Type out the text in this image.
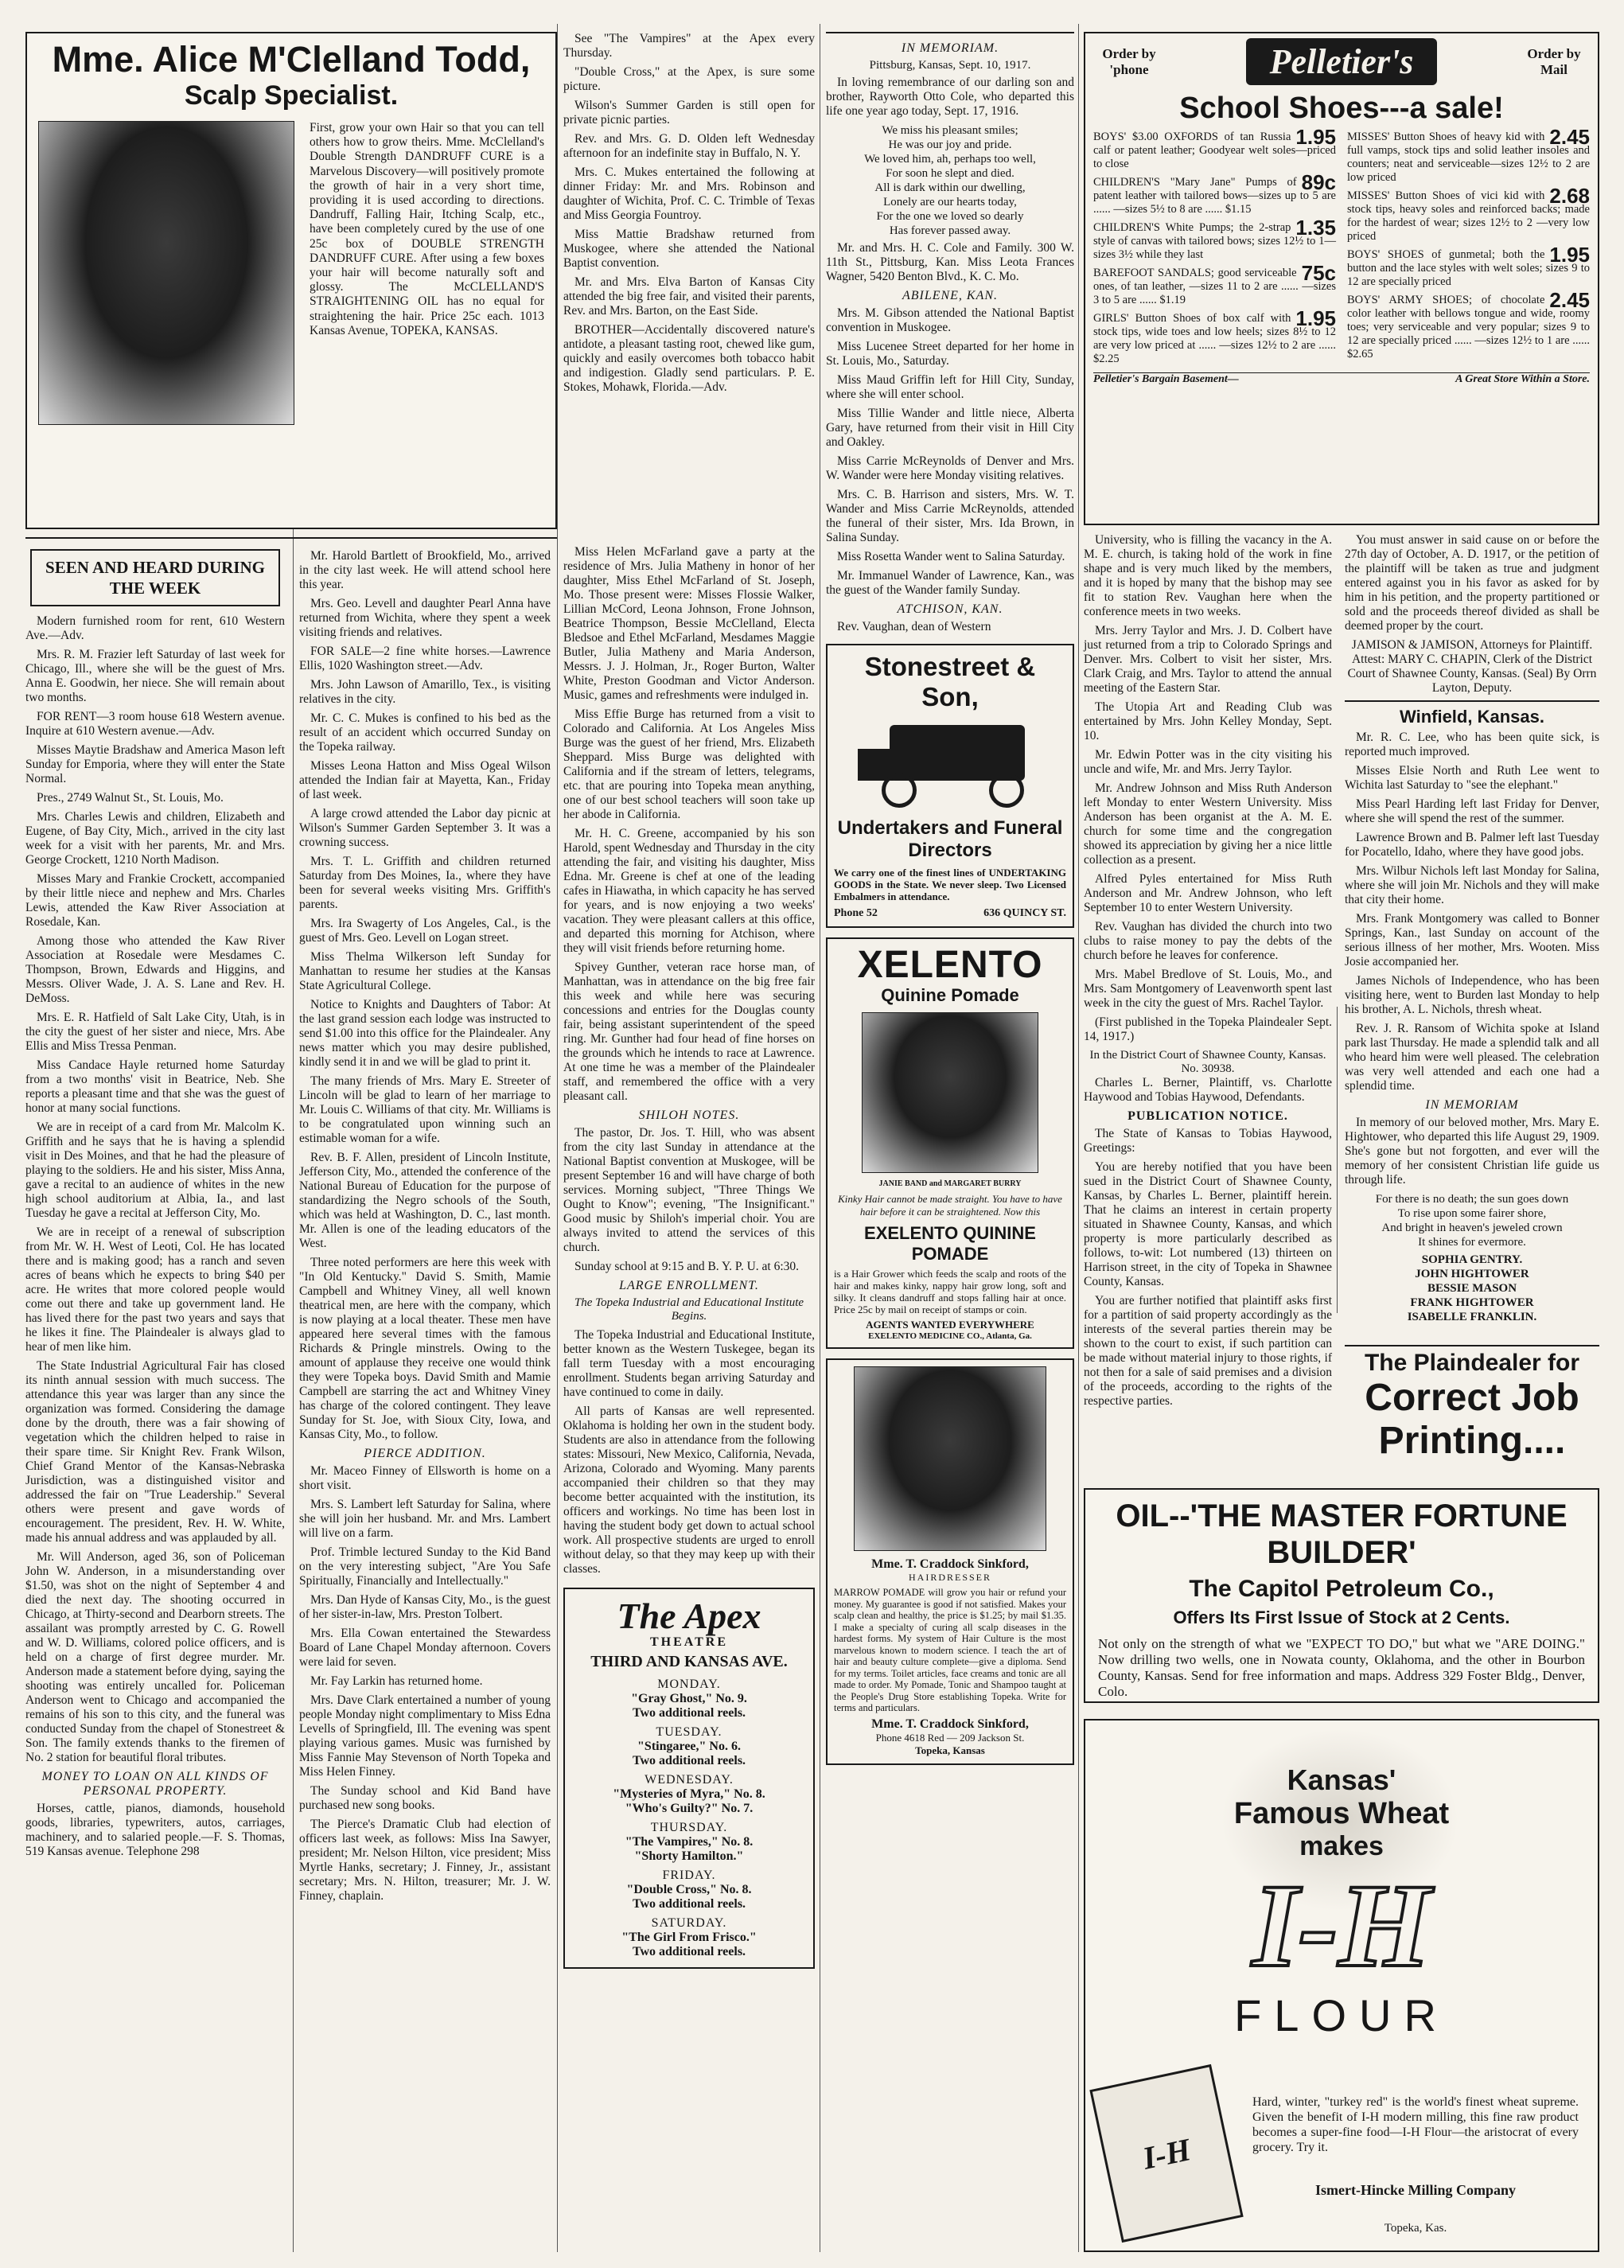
Mme. Alice M'Clelland Todd,
Scalp Specialist.
First, grow your own Hair so that you can tell others how to grow theirs. Mme. McClelland's Double Strength DANDRUFF CURE is a Marvelous Discovery—will positively promote the growth of hair in a very short time, providing it is used according to directions. Dandruff, Falling Hair, Itching Scalp, etc., have been completely cured by the use of one 25c box of DOUBLE STRENGTH DANDRUFF CURE. After using a few boxes your hair will become naturally soft and glossy. The McCLELLAND'S STRAIGHTENING OIL has no equal for straightening the hair. Price 25c each. 1013 Kansas Avenue, TOPEKA, KANSAS.
SEEN AND HEARD DURING THE WEEK

Modern furnished room for rent, 610 Western Ave.—Adv.

Mrs. R. M. Frazier left Saturday of last week for Chicago, Ill., where she will be the guest of Mrs. Anna E. Goodwin, her niece. She will remain about two months.

FOR RENT—3 room house 618 Western avenue. Inquire at 610 Western avenue.—Adv.

Misses Maytie Bradshaw and America Mason left Sunday for Emporia, where they will enter the State Normal.

Pres., 2749 Walnut St., St. Louis, Mo.

Mrs. Charles Lewis and children, Elizabeth and Eugene, of Bay City, Mich., arrived in the city last week for a visit with her parents, Mr. and Mrs. George Crockett, 1210 North Madison.

Misses Mary and Frankie Crockett, accompanied by their little niece and nephew and Mrs. Charles Lewis, attended the Kaw River Association at Rosedale, Kan.

Among those who attended the Kaw River Association at Rosedale were Mesdames C. Thompson, Brown, Edwards and Higgins, and Messrs. Oliver Wade, J. A. S. Lane and Rev. H. DeMoss.

Mrs. E. R. Hatfield of Salt Lake City, Utah, is in the city the guest of her sister and niece, Mrs. Abe Ellis and Miss Tressa Penman.

Miss Candace Hayle returned home Saturday from a two months' visit in Beatrice, Neb. She reports a pleasant time and that she was the guest of honor at many social functions.

We are in receipt of a card from Mr. Malcolm K. Griffith and he says that he is having a splendid visit in Des Moines, and that he had the pleasure of playing to the soldiers. He and his sister, Miss Anna, gave a recital to an audience of whites in the new high school auditorium at Albia, Ia., and last Tuesday he gave a recital at Jefferson City, Mo.

We are in receipt of a renewal of subscription from Mr. W. H. West of Leoti, Col. He has located there and is making good; has a ranch and seven acres of beans which he expects to bring $40 per acre. He writes that more colored people would come out there and take up government land. He has lived there for the past two years and says that he likes it fine. The Plaindealer is always glad to hear of men like him.

The State Industrial Agricultural Fair has closed its ninth annual session with much success. The attendance this year was larger than any since the organization was formed. Considering the damage done by the drouth, there was a fair showing of vegetation which the children helped to raise in their spare time. Sir Knight Rev. Frank Wilson, Chief Grand Mentor of the Kansas-Nebraska Jurisdiction, was a distinguished visitor and addressed the fair on "True Leadership." Several others were present and gave words of encouragement. The president, Rev. H. W. White, made his annual address and was applauded by all.

Mr. Will Anderson, aged 36, son of Policeman John W. Anderson, in a misunderstanding over $1.50, was shot on the night of September 4 and died the next day. The shooting occurred in Chicago, at Thirty-second and Dearborn streets. The assailant was promptly arrested by C. G. Rowell and W. D. Williams, colored police officers, and is held on a charge of first degree murder. Mr. Anderson made a statement before dying, saying the shooting was entirely uncalled for. Policeman Anderson went to Chicago and accompanied the remains of his son to this city, and the funeral was conducted Sunday from the chapel of Stonestreet & Son. The family extends thanks to the firemen of No. 2 station for beautiful floral tributes.

MONEY TO LOAN ON ALL KINDS OF PERSONAL PROPERTY.

Horses, cattle, pianos, diamonds, household goods, libraries, typewriters, autos, carriages, machinery, and to salaried people.—F. S. Thomas, 519 Kansas avenue. Telephone 298

See "The Vampires" at the Apex every Thursday.

"Double Cross," at the Apex, is sure some picture.

Wilson's Summer Garden is still open for private picnic parties.

Rev. and Mrs. G. D. Olden left Wednesday afternoon for an indefinite stay in Buffalo, N. Y.

Mrs. C. Mukes entertained the following at dinner Friday: Mr. and Mrs. Robinson and daughter of Wichita, Prof. C. C. Trimble of Texas and Miss Georgia Fountroy.

Miss Mattie Bradshaw returned from Muskogee, where she attended the National Baptist convention.

Mr. and Mrs. Elva Barton of Kansas City attended the big free fair, and visited their parents, Rev. and Mrs. Barton, on the East Side.

BROTHER—Accidentally discovered nature's antidote, a pleasant tasting root, chewed like gum, quickly and easily overcomes both tobacco habit and indigestion. Gladly send particulars. P. E. Stokes, Mohawk, Florida.—Adv.

Mr. Harold Bartlett of Brookfield, Mo., arrived in the city last week. He will attend school here this year.

Mrs. Geo. Levell and daughter Pearl Anna have returned from Wichita, where they spent a week visiting friends and relatives.

FOR SALE—2 fine white horses.—Lawrence Ellis, 1020 Washington street.—Adv.

Mrs. John Lawson of Amarillo, Tex., is visiting relatives in the city.

Mr. C. C. Mukes is confined to his bed as the result of an accident which occurred Sunday on the Topeka railway.

Misses Leona Hatton and Miss Ogeal Wilson attended the Indian fair at Mayetta, Kan., Friday of last week.

A large crowd attended the Labor day picnic at Wilson's Summer Garden September 3. It was a crowning success.

Mrs. T. L. Griffith and children returned Saturday from Des Moines, Ia., where they have been for several weeks visiting Mrs. Griffith's parents.

Mrs. Ira Swagerty of Los Angeles, Cal., is the guest of Mrs. Geo. Levell on Logan street.

Miss Thelma Wilkerson left Sunday for Manhattan to resume her studies at the Kansas State Agricultural College.

Notice to Knights and Daughters of Tabor: At the last grand session each lodge was instructed to send $1.00 into this office for the Plaindealer. Any news matter which you may desire published, kindly send it in and we will be glad to print it.

The many friends of Mrs. Mary E. Streeter of Lincoln will be glad to learn of her marriage to Mr. Louis C. Williams of that city. Mr. Williams is to be congratulated upon winning such an estimable woman for a wife.

Rev. B. F. Allen, president of Lincoln Institute, Jefferson City, Mo., attended the conference of the National Bureau of Education for the purpose of standardizing the Negro schools of the South, which was held at Washington, D. C., last month. Mr. Allen is one of the leading educators of the West.

Three noted performers are here this week with "In Old Kentucky." David S. Smith, Mamie Campbell and Whitney Viney, all well known theatrical men, are here with the company, which is now playing at a local theater. These men have appeared here several times with the famous Richards & Pringle minstrels. Owing to the amount of applause they receive one would think they were Topeka boys. David Smith and Mamie Campbell are starring the act and Whitney Viney has charge of the colored contingent. They leave Sunday for St. Joe, with Sioux City, Iowa, and Kansas City, Mo., to follow.

PIERCE ADDITION.

Mr. Maceo Finney of Ellsworth is home on a short visit.

Mrs. S. Lambert left Saturday for Salina, where she will join her husband. Mr. and Mrs. Lambert will live on a farm.

Prof. Trimble lectured Sunday to the Kid Band on the very interesting subject, "Are You Safe Spiritually, Financially and Intellectually."

Mrs. Dan Hyde of Kansas City, Mo., is the guest of her sister-in-law, Mrs. Preston Tolbert.

Mrs. Ella Cowan entertained the Stewardess Board of Lane Chapel Monday afternoon. Covers were laid for seven.

Mr. Fay Larkin has returned home.

Mrs. Dave Clark entertained a number of young people Monday night complimentary to Miss Edna Levells of Springfield, Ill. The evening was spent playing various games. Music was furnished by Miss Fannie May Stevenson of North Topeka and Miss Helen Finney.

The Sunday school and Kid Band have purchased new song books.

The Pierce's Dramatic Club had election of officers last week, as follows: Miss Ina Sawyer, president; Mr. Nelson Hilton, vice president; Miss Myrtle Hanks, secretary; J. Finney, Jr., assistant secretary; Mrs. N. Hilton, treasurer; Mr. J. W. Finney, chaplain.

Miss Helen McFarland gave a party at the residence of Mrs. Julia Matheny in honor of her daughter, Miss Ethel McFarland of St. Joseph, Mo. Those present were: Misses Flossie Walker, Lillian McCord, Leona Johnson, Frone Johnson, Beatrice Thompson, Bessie McClelland, Electa Bledsoe and Ethel McFarland, Mesdames Maggie Butler, Julia Matheny and Maria Anderson, Messrs. J. J. Holman, Jr., Roger Burton, Walter White, Preston Goodman and Victor Anderson. Music, games and refreshments were indulged in.

Miss Effie Burge has returned from a visit to Colorado and California. At Los Angeles Miss Burge was the guest of her friend, Mrs. Elizabeth Sheppard. Miss Burge was delighted with California and if the stream of letters, telegrams, etc. that are pouring into Topeka mean anything, one of our best school teachers will soon take up her abode in California.

Mr. H. C. Greene, accompanied by his son Harold, spent Wednesday and Thursday in the city attending the fair, and visiting his daughter, Miss Edna. Mr. Greene is chef at one of the leading cafes in Hiawatha, in which capacity he has served for years, and is now enjoying a two weeks' vacation. They were pleasant callers at this office, and departed this morning for Atchison, where they will visit friends before returning home.

Spivey Gunther, veteran race horse man, of Manhattan, was in attendance on the big free fair this week and while here was securing concessions and entries for the Douglas county fair, being assistant superintendent of the speed ring. Mr. Gunther had four head of fine horses on the grounds which he intends to race at Lawrence. At one time he was a member of the Plaindealer staff, and remembered the office with a very pleasant call.

SHILOH NOTES.

The pastor, Dr. Jos. T. Hill, who was absent from the city last Sunday in attendance at the National Baptist convention at Muskogee, will be present September 16 and will have charge of both services. Morning subject, "Three Things We Ought to Know"; evening, "The Insignificant." Good music by Shiloh's imperial choir. You are always invited to attend the services of this church.

Sunday school at 9:15 and B. Y. P. U. at 6:30.

LARGE ENROLLMENT.
The Topeka Industrial and Educational Institute Begins.

The Topeka Industrial and Educational Institute, better known as the Western Tuskegee, began its fall term Tuesday with a most encouraging enrollment. Students began arriving Saturday and have continued to come in daily.

All parts of Kansas are well represented. Oklahoma is holding her own in the student body. Students are also in attendance from the following states: Missouri, New Mexico, California, Nevada, Arizona, Colorado and Wyoming. Many parents accompanied their children so that they may become better acquainted with the institution, its officers and workings. No time has been lost in having the student body get down to actual school work. All prospective students are urged to enroll without delay, so that they may keep up with their classes.

The Apex
THEATRE
THIRD AND KANSAS AVE.
MONDAY.
"Gray Ghost," No. 9.
Two additional reels.
TUESDAY.
"Stingaree," No. 6.
Two additional reels.
WEDNESDAY.
"Mysteries of Myra," No. 8.
"Who's Guilty?" No. 7.
THURSDAY.
"The Vampires," No. 8.
"Shorty Hamilton."
FRIDAY.
"Double Cross," No. 8.
Two additional reels.
SATURDAY.
"The Girl From Frisco."
Two additional reels.
IN MEMORIAM.
Pittsburg, Kansas, Sept. 10, 1917.

In loving remembrance of our darling son and brother, Rayworth Otto Cole, who departed this life one year ago today, Sept. 17, 1916.

We miss his pleasant smiles;
He was our joy and pride.
We loved him, ah, perhaps too well,
For soon he slept and died.
All is dark within our dwelling,
Lonely are our hearts today,
For the one we loved so dearly
Has forever passed away.

Mr. and Mrs. H. C. Cole and Family. 300 W. 11th St., Pittsburg, Kan. Miss Leota Frances Wagner, 5420 Benton Blvd., K. C. Mo.

ABILENE, KAN.

Mrs. M. Gibson attended the National Baptist convention in Muskogee.

Miss Lucenee Street departed for her home in St. Louis, Mo., Saturday.

Miss Maud Griffin left for Hill City, Sunday, where she will enter school.

Miss Tillie Wander and little niece, Alberta Gary, have returned from their visit in Hill City and Oakley.

Miss Carrie McReynolds of Denver and Mrs. W. Wander were here Monday visiting relatives.

Mrs. C. B. Harrison and sisters, Mrs. W. T. Wander and Miss Carrie McReynolds, attended the funeral of their sister, Mrs. Ida Brown, in Salina Sunday.

Miss Rosetta Wander went to Salina Saturday.

Mr. Immanuel Wander of Lawrence, Kan., was the guest of the Wander family Sunday.

ATCHISON, KAN.

Rev. Vaughan, dean of Western

Stonestreet & Son,
Undertakers and Funeral Directors
We carry one of the finest lines of UNDERTAKING GOODS in the State. We never sleep. Two Licensed Embalmers in attendance.
Phone 52	636 QUINCY ST.
XELENTO
Quinine Pomade
JANIE BAND and MARGARET BURRY
Kinky Hair cannot be made straight. You have to have hair before it can be straightened. Now this
EXELENTO QUININE POMADE
is a Hair Grower which feeds the scalp and roots of the hair and makes kinky, nappy hair grow long, soft and silky. It cleans dandruff and stops falling hair at once. Price 25c by mail on receipt of stamps or coin.
AGENTS WANTED EVERYWHERE
EXELENTO MEDICINE CO., Atlanta, Ga.
Mme. T. Craddock Sinkford,
HAIRDRESSER
MARROW POMADE will grow you hair or refund your money. My guarantee is good if not satisfied. Makes your scalp clean and healthy, the price is $1.25; by mail $1.35. I make a specialty of curing all scalp diseases in the hardest forms. My system of Hair Culture is the most marvelous known to modern science. I teach the art of hair and beauty culture complete—give a diploma. Send for my terms. Toilet articles, face creams and tonic are all made to order. My Pomade, Tonic and Shampoo taught at the People's Drug Store establishing Topeka. Write for terms and particulars.
Mme. T. Craddock Sinkford,
Phone 4618 Red — 209 Jackson St.
Topeka, Kansas
Order by 'phone	Pelletier's	Order by Mail
School Shoes---a sale!
1.95
BOYS' $3.00 OXFORDS of tan Russia calf or patent leather; Goodyear welt soles—priced to close
89c
CHILDREN'S "Mary Jane" Pumps of patent leather with tailored bows—sizes up to 5 are ...... —sizes 5½ to 8 are ...... $1.15
1.35
CHILDREN'S White Pumps; the 2-strap style of canvas with tailored bows; sizes 12½ to 1—sizes 3½ while they last
75c
BAREFOOT SANDALS; good serviceable ones, of tan leather, —sizes 11 to 2 are ...... —sizes 3 to 5 are ...... $1.19
1.95
GIRLS' Button Shoes of box calf with stock tips, wide toes and low heels; sizes 8½ to 12 are very low priced at ...... —sizes 12½ to 2 are ...... $2.25
2.45
MISSES' Button Shoes of heavy kid with full vamps, stock tips and solid leather insoles and counters; neat and serviceable—sizes 12½ to 2 are low priced
2.68
MISSES' Button Shoes of vici kid with stock tips, heavy soles and reinforced backs; made for the hardest of wear; sizes 12½ to 2 —very low priced
1.95
BOYS' SHOES of gunmetal; both the button and the lace styles with welt soles; sizes 9 to 12 are specially priced
2.45
BOYS' ARMY SHOES; of chocolate color leather with bellows tongue and wide, roomy toes; very serviceable and very popular; sizes 9 to 12 are specially priced ...... —sizes 12½ to 1 are ...... $2.65
Pelletier's Bargain Basement—	A Great Store Within a Store.

University, who is filling the vacancy in the A. M. E. church, is taking hold of the work in fine shape and is very much liked by the members, and it is hoped by many that the bishop may see fit to station Rev. Vaughan here when the conference meets in two weeks.

Mrs. Jerry Taylor and Mrs. J. D. Colbert have just returned from a trip to Colorado Springs and Denver. Mrs. Colbert to visit her sister, Mrs. Clark Craig, and Mrs. Taylor to attend the annual meeting of the Eastern Star.

The Utopia Art and Reading Club was entertained by Mrs. John Kelley Monday, Sept. 10.

Mr. Edwin Potter was in the city visiting his uncle and wife, Mr. and Mrs. Jerry Taylor.

Mr. Andrew Johnson and Miss Ruth Anderson left Monday to enter Western University. Miss Anderson has been organist at the A. M. E. church for some time and the congregation showed its appreciation by giving her a nice little collection as a present.

Alfred Pyles entertained for Miss Ruth Anderson and Mr. Andrew Johnson, who left September 10 to enter Western University.

Rev. Vaughan has divided the church into two clubs to raise money to pay the debts of the church before he leaves for conference.

Mrs. Mabel Bredlove of St. Louis, Mo., and Mrs. Sam Montgomery of Leavenworth spent last week in the city the guest of Mrs. Rachel Taylor.

(First published in the Topeka Plaindealer Sept. 14, 1917.)

In the District Court of Shawnee County, Kansas.
No. 30938.

Charles L. Berner, Plaintiff, vs. Charlotte Haywood and Tobias Haywood, Defendants.

PUBLICATION NOTICE.

The State of Kansas to Tobias Haywood, Greetings:

You are hereby notified that you have been sued in the District Court of Shawnee County, Kansas, by Charles L. Berner, plaintiff herein. That he claims an interest in certain property situated in Shawnee County, Kansas, and which property is more particularly described as follows, to-wit: Lot numbered (13) thirteen on Harrison street, in the city of Topeka in Shawnee County, Kansas.

You are further notified that plaintiff asks first for a partition of said property accordingly as the interests of the several parties therein may be shown to the court to exist, if such partition can be made without material injury to those rights, if not then for a sale of said premises and a division of the proceeds, according to the rights of the respective parties.

You must answer in said cause on or before the 27th day of October, A. D. 1917, or the petition of the plaintiff will be taken as true and judgment entered against you in his favor as asked for by him in his petition, and the property partitioned or sold and the proceeds thereof divided as shall be deemed proper by the court.

JAMISON & JAMISON, Attorneys for Plaintiff. Attest: MARY C. CHAPIN, Clerk of the District Court of Shawnee County, Kansas. (Seal) By Orrn Layton, Deputy.

Winfield, Kansas.

Mr. R. C. Lee, who has been quite sick, is reported much improved.

Misses Elsie North and Ruth Lee went to Wichita last Saturday to "see the elephant."

Miss Pearl Harding left last Friday for Denver, where she will spend the rest of the summer.

Lawrence Brown and B. Palmer left last Tuesday for Pocatello, Idaho, where they have good jobs.

Mrs. Wilbur Nichols left last Monday for Salina, where she will join Mr. Nichols and they will make that city their home.

Mrs. Frank Montgomery was called to Bonner Springs, Kan., last Sunday on account of the serious illness of her mother, Mrs. Wooten. Miss Josie accompanied her.

James Nichols of Independence, who has been visiting here, went to Burden last Monday to help his brother, A. L. Nichols, thresh wheat.

Rev. J. R. Ransom of Wichita spoke at Island park last Thursday. He made a splendid talk and all who heard him were well pleased. The celebration was very well attended and each one had a splendid time.

IN MEMORIAM

In memory of our beloved mother, Mrs. Mary E. Hightower, who departed this life August 29, 1909. She's gone but not forgotten, and ever will the memory of her consistent Christian life guide us through life.

For there is no death; the sun goes down
To rise upon some fairer shore,
And bright in heaven's jeweled crown
It shines for evermore.
SOPHIA GENTRY.
JOHN HIGHTOWER
BESSIE MASON
FRANK HIGHTOWER
ISABELLE FRANKLIN.
The Plaindealer for
Correct Job
Printing....
OIL--'THE MASTER FORTUNE BUILDER'
The Capitol Petroleum Co.,
Offers Its First Issue of Stock at 2 Cents.
Not only on the strength of what we "EXPECT TO DO," but what we "ARE DOING." Now drilling two wells, one in Nowata county, Oklahoma, and the other in Bourbon County, Kansas. Send for free information and maps. Address 329 Foster Bldg., Denver, Colo.
Kansas'
Famous Wheat
makes
I-H
FLOUR
I-H
Hard, winter, "turkey red" is the world's finest wheat supreme. Given the benefit of I-H modern milling, this fine raw product becomes a super-fine food—I-H Flour—the aristocrat of every grocery. Try it.
Ismert-Hincke Milling Company
Topeka, Kas.
